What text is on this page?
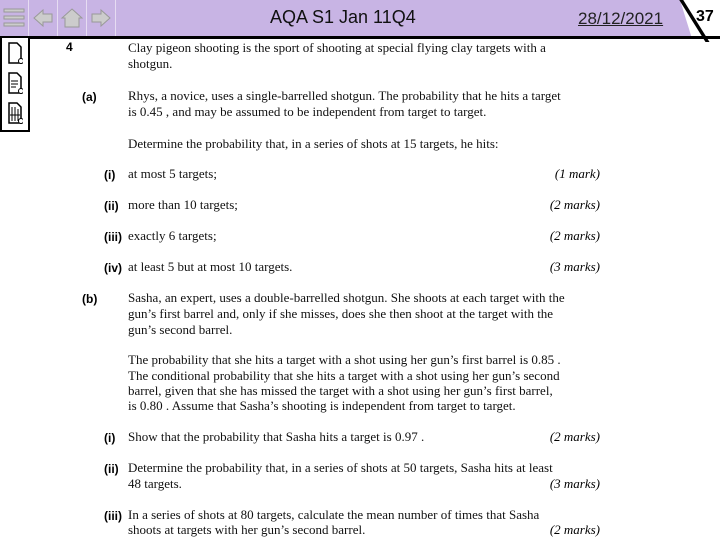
AQA S1 Jan 11Q4	28/12/2021 37
4	Clay pigeon shooting is the sport of shooting at special flying clay targets with a
shotgun.
(a) Rhys, a novice, uses a single-barrelled shotgun. The probability that he hits a target
is 0.45 , and may be assumed to be independent from target to target.
Determine the probability that, in a series of shots at 15 targets, he hits:
(i) at most 5 targets;	(1 mark)
(ii) more than 10 targets;	(2 marks)
(iii) exactly 6 targets;	(2 marks)
(iv) at least 5 but at most 10 targets.	(3 marks)
(b) Sasha, an expert, uses a double-barrelled shotgun. She shoots at each target with the
gun’s first barrel and, only if she misses, does she then shoot at the target with the
gun’s second barrel.
The probability that she hits a target with a shot using her gun’s first barrel is 0.85 .
The conditional probability that she hits a target with a shot using her gun’s second
barrel, given that she has missed the target with a shot using her gun’s first barrel,
is 0.80 . Assume that Sasha’s shooting is independent from target to target.
(i) Show that the probability that Sasha hits a target is 0.97 .	(2 marks)
(ii) Determine the probability that, in a series of shots at 50 targets, Sasha hits at least
48 targets.	(3 marks)
(iii) In a series of shots at 80 targets, calculate the mean number of times that Sasha
shoots at targets with her gun’s second barrel.	(2 marks)
